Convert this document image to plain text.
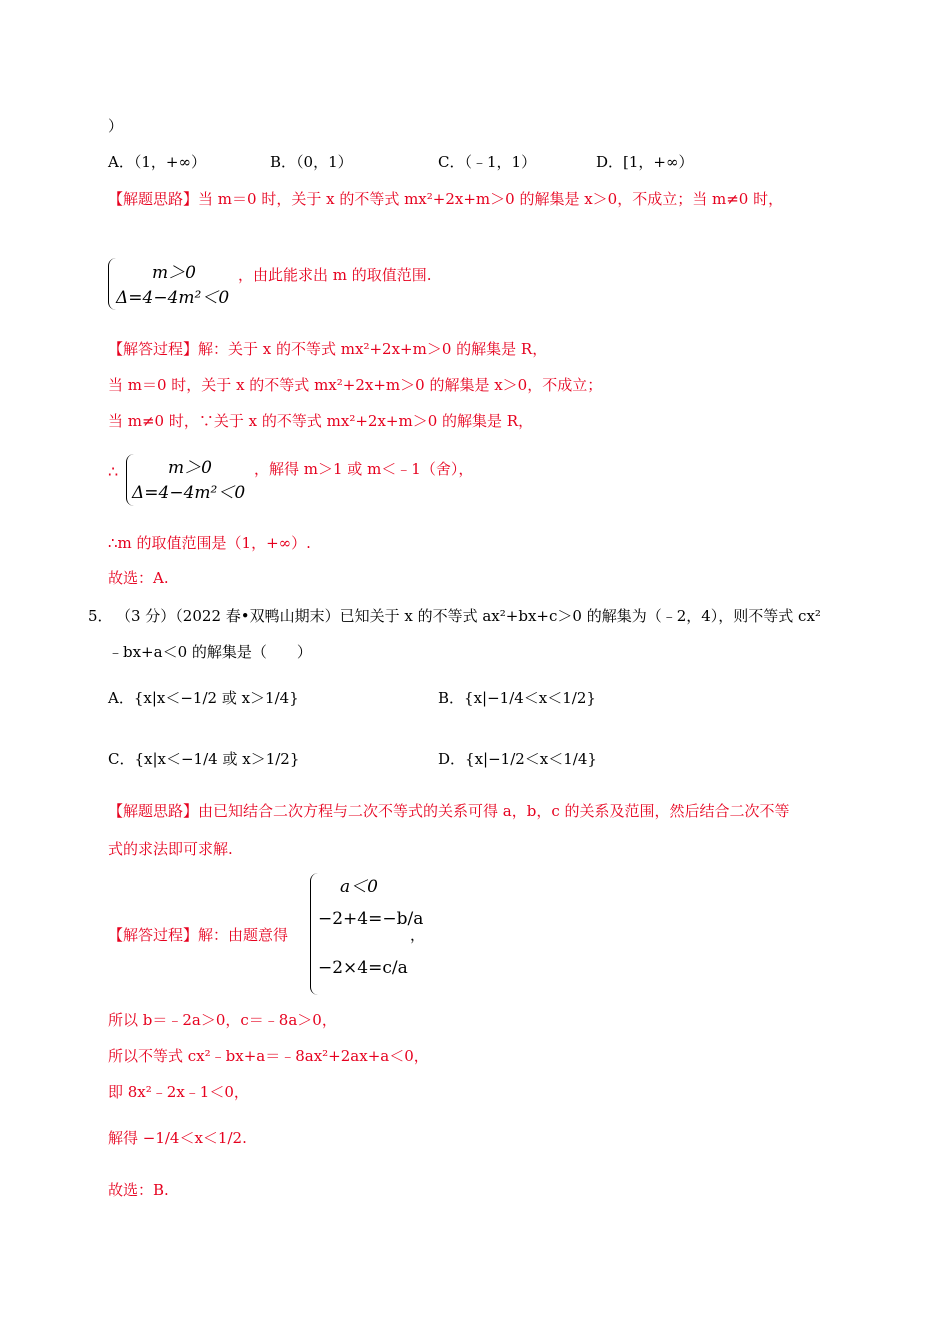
）
A．（1，+∞）	B．（0，1）	C．（﹣1，1）	D．[1，+∞）
【解题思路】当 m＝0 时，关于 x 的不等式 mx²+2x+m＞0 的解集是 x＞0，不成立；当 m≠0 时，
m＞0
Δ=4−4m²＜0
，由此能求出 m 的取值范围.
【解答过程】解：关于 x 的不等式 mx²+2x+m＞0 的解集是 R，
当 m＝0 时，关于 x 的不等式 mx²+2x+m＞0 的解集是 x＞0，不成立；
当 m≠0 时，∵关于 x 的不等式 mx²+2x+m＞0 的解集是 R，
∴	m＞0
Δ=4−4m²＜0
，解得 m＞1 或 m＜﹣1（舍），
∴m 的取值范围是（1，+∞）.
故选：A.
5． （3 分）（2022 春•双鸭山期末）已知关于 x 的不等式 ax²+bx+c＞0 的解集为（﹣2，4），则不等式 cx²
﹣bx+a＜0 的解集是（　　）
A．{x|x＜−1/2 或 x＞1/4}	B．{x|−1/4＜x＜1/2}
C．{x|x＜−1/4 或 x＞1/2}	D．{x|−1/2＜x＜1/4}
【解题思路】由已知结合二次方程与二次不等式的关系可得 a，b，c 的关系及范围，然后结合二次不等
式的求法即可求解.
【解答过程】解：由题意得
a＜0
−2+4=−b/a
−2×4=c/a
，
所以 b＝﹣2a＞0，c＝﹣8a＞0，
所以不等式 cx²﹣bx+a＝﹣8ax²+2ax+a＜0，
即 8x²﹣2x﹣1＜0，
解得 −1/4＜x＜1/2.
故选：B.
